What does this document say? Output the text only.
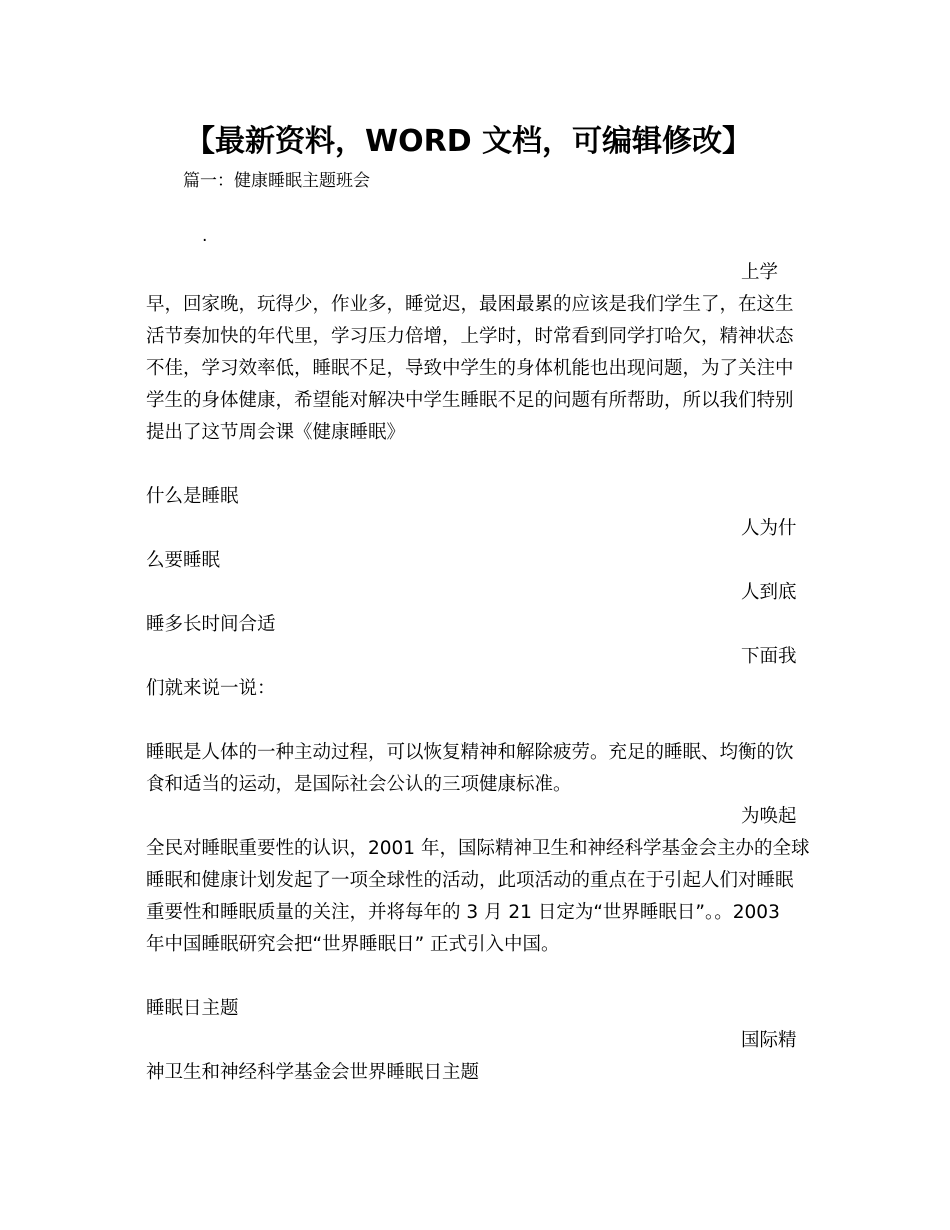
【最新资料，WORD 文档，可编辑修改】
篇一：健康睡眠主题班会
.
上学
早，回家晚，玩得少，作业多，睡觉迟，最困最累的应该是我们学生了，在这生
活节奏加快的年代里，学习压力倍增，上学时，时常看到同学打哈欠，精神状态
不佳，学习效率低，睡眠不足，导致中学生的身体机能也出现问题，为了关注中
学生的身体健康，希望能对解决中学生睡眠不足的问题有所帮助，所以我们特别
提出了这节周会课《健康睡眠》
什么是睡眠
人为什
么要睡眠
人到底
睡多长时间合适
下面我
们就来说一说：
睡眠是人体的一种主动过程，可以恢复精神和解除疲劳。充足的睡眠、均衡的饮
食和适当的运动，是国际社会公认的三项健康标准。
为唤起
全民对睡眠重要性的认识，2001 年，国际精神卫生和神经科学基金会主办的全球
睡眠和健康计划发起了一项全球性的活动，此项活动的重点在于引起人们对睡眠
重要性和睡眠质量的关注，并将每年的 3 月 21 日定为“世界睡眠日”。。2003
年中国睡眠研究会把“世界睡眠日” 正式引入中国。
睡眠日主题
国际精
神卫生和神经科学基金会世界睡眠日主题
